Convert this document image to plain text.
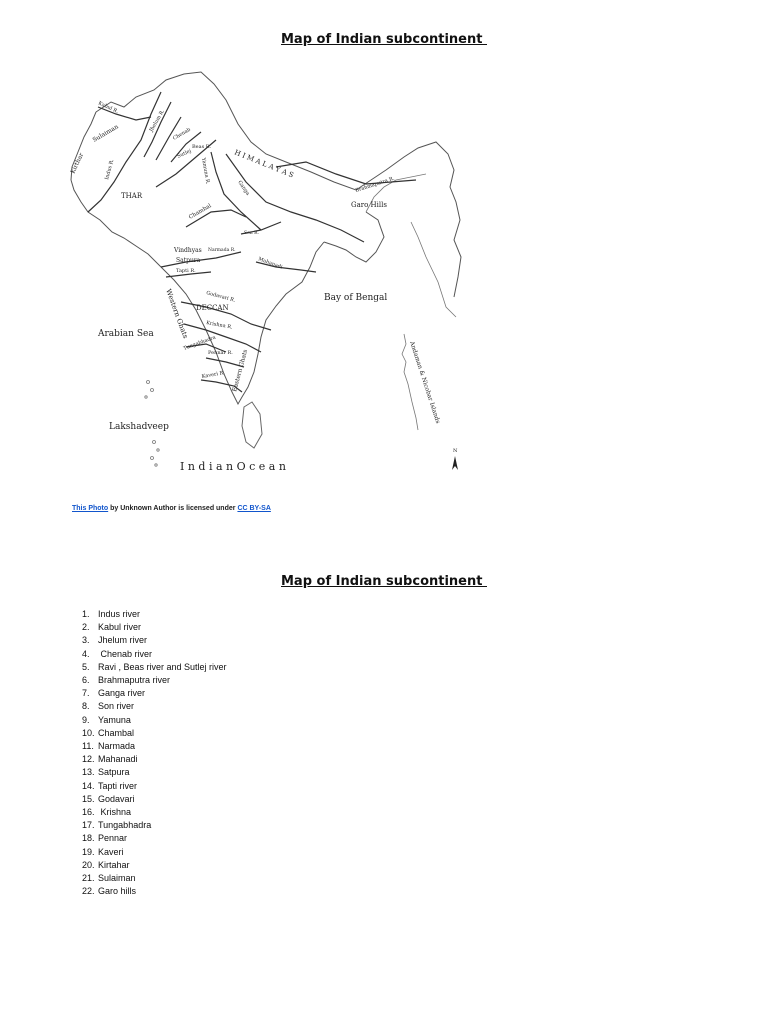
Map of Indian subcontinent
Kirthar
Sulaiman
Kabul R.
Indus R.
Jhelum R.
Chenab
Beas R.
Sutlej
THAR
Yamuna R.	H I M A L A Y A S
Brahmaputra R.
Garo Hills
Chambal
Ganga
Son R.
Vindhyas Narmada R.
Satpura
Tapti R.
Mahanadi
Bay of Bengal
Godavari R.
DECCAN
Western Ghats	Krishna R.
Tungabhadra
Pennar R.
Eastern Ghats
Kaveri R.
Arabian Sea
Lakshadveep
Andaman & Nicobar Islands
I n d i a n O c e a n
N
This Photo by Unknown Author is licensed under CC BY-SA
Map of Indian subcontinent
1. Indus river
2. Kabul river
3. Jhelum river
4. Chenab river
5. Ravi , Beas river and Sutlej river
6. Brahmaputra river
7. Ganga river
8. Son river
9. Yamuna
10. Chambal
11. Narmada
12. Mahanadi
13. Satpura
14. Tapti river
15. Godavari
16. Krishna
17. Tungabhadra
18. Pennar
19. Kaveri
20. Kirtahar
21. Sulaiman
22. Garo hills
